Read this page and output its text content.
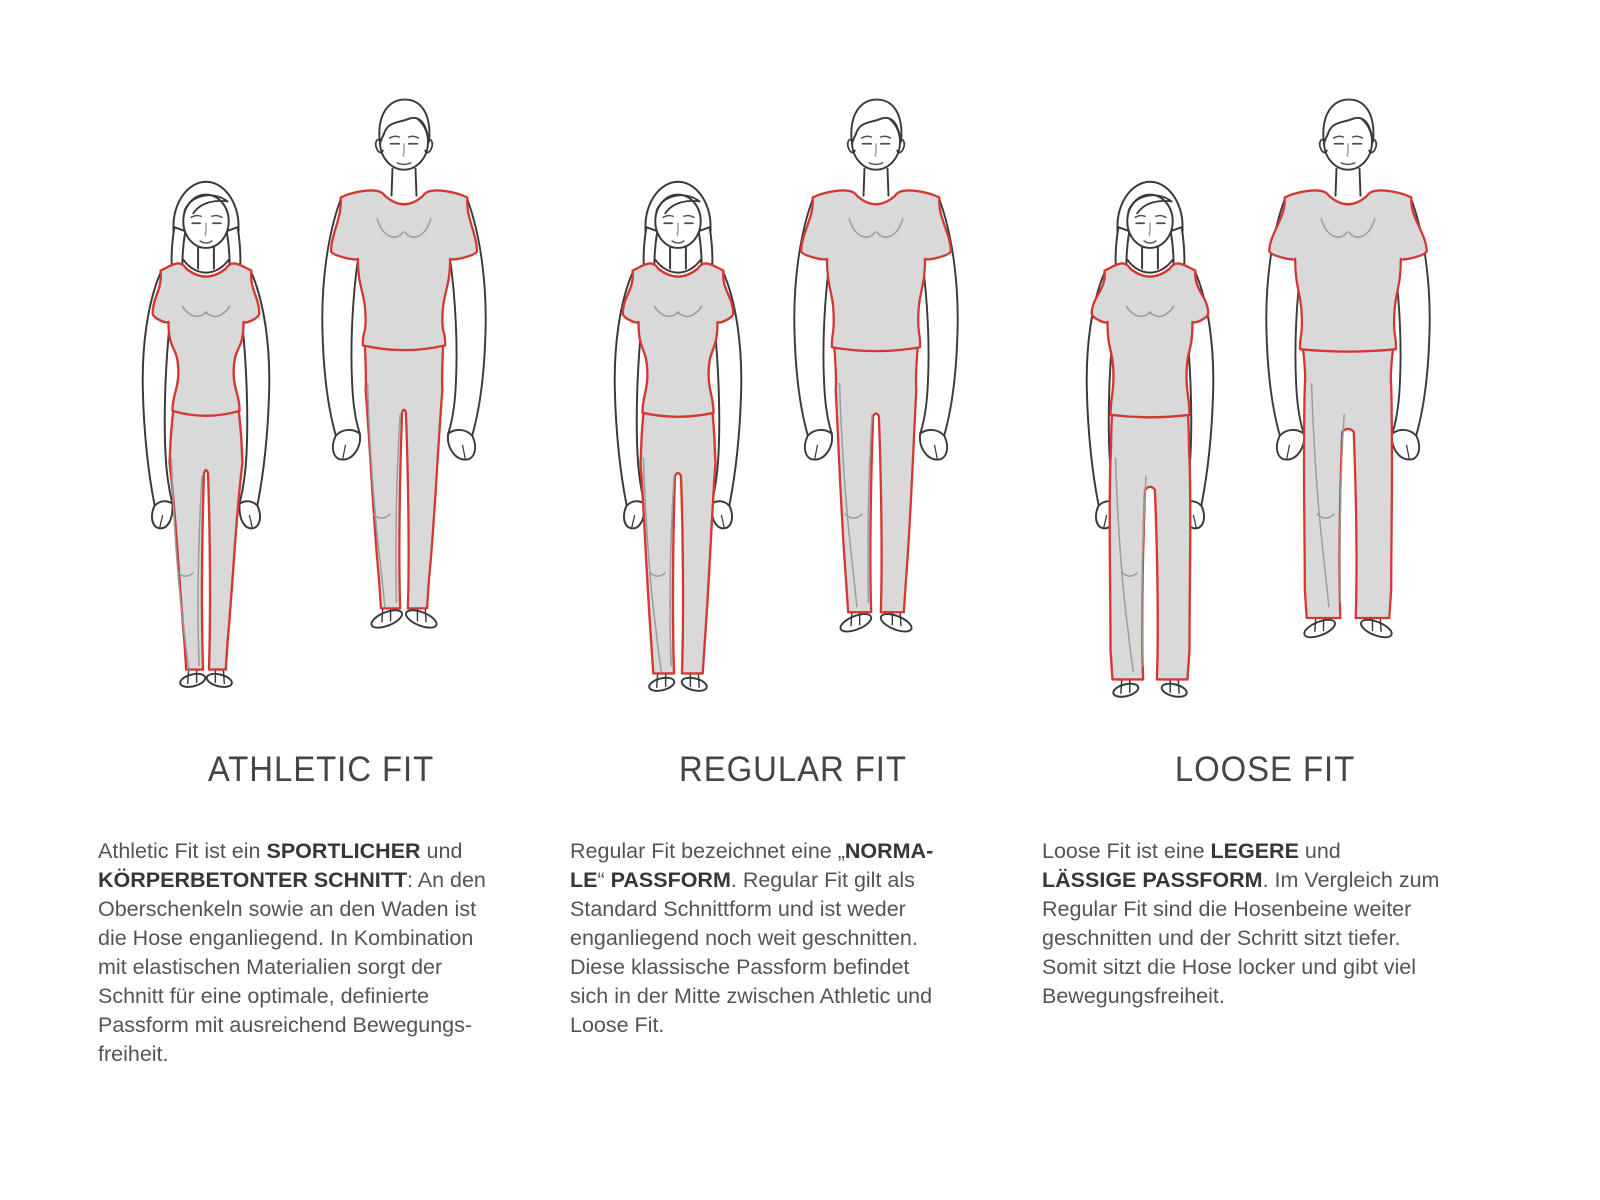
ATHLETIC FIT
Athletic Fit ist ein SPORTLICHER und
KÖRPERBETONTER SCHNITT: An den
Oberschenkeln sowie an den Waden ist
die Hose enganliegend. In Kombination
mit elastischen Materialien sorgt der
Schnitt für eine optimale, definierte
Passform mit ausreichend Bewegungs-
freiheit.
REGULAR FIT
Regular Fit bezeichnet eine „NORMA-
LE“ PASSFORM. Regular Fit gilt als
Standard Schnittform und ist weder
enganliegend noch weit geschnitten.
Diese klassische Passform befindet
sich in der Mitte zwischen Athletic und
Loose Fit.
LOOSE FIT
Loose Fit ist eine LEGERE und
LÄSSIGE PASSFORM. Im Vergleich zum
Regular Fit sind die Hosenbeine weiter
geschnitten und der Schritt sitzt tiefer.
Somit sitzt die Hose locker und gibt viel
Bewegungsfreiheit.
